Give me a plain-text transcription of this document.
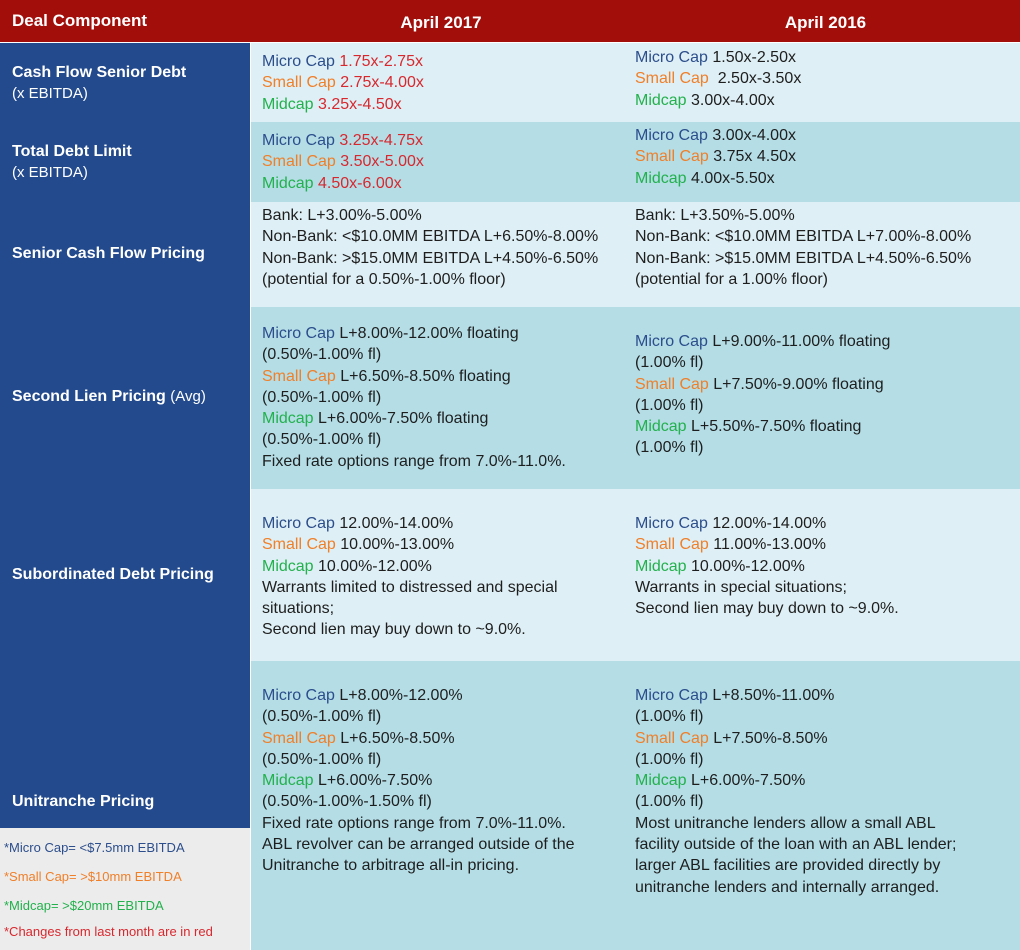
Deal Component	April 2017	April 2016
Cash Flow Senior Debt
(x EBITDA)
Total Debt Limit
(x EBITDA)
Senior Cash Flow Pricing
Second Lien Pricing (Avg)
Subordinated Debt Pricing
Unitranche Pricing
*Micro Cap= <$7.5mm EBITDA
*Small Cap= >$10mm EBITDA
*Midcap= >$20mm EBITDA
*Changes from last month are in red
Micro Cap 1.75x-2.75x
Small Cap 2.75x-4.00x
Midcap 3.25x-4.50x
Micro Cap 1.50x-2.50x
Small Cap 2.50x-3.50x
Midcap 3.00x-4.00x
Micro Cap 3.25x-4.75x
Small Cap 3.50x-5.00x
Midcap 4.50x-6.00x
Micro Cap 3.00x-4.00x
Small Cap 3.75x 4.50x
Midcap 4.00x-5.50x
Bank: L+3.00%-5.00%
Non-Bank: <$10.0MM EBITDA L+6.50%-8.00%
Non-Bank: >$15.0MM EBITDA L+4.50%-6.50%
(potential for a 0.50%-1.00% floor)
Bank: L+3.50%-5.00%
Non-Bank: <$10.0MM EBITDA L+7.00%-8.00%
Non-Bank: >$15.0MM EBITDA L+4.50%-6.50%
(potential for a 1.00% floor)
Micro Cap L+8.00%-12.00% floating
(0.50%-1.00% fl)
Small Cap L+6.50%-8.50% floating
(0.50%-1.00% fl)
Midcap L+6.00%-7.50% floating
(0.50%-1.00% fl)
Fixed rate options range from 7.0%-11.0%.
Micro Cap L+9.00%-11.00% floating
(1.00% fl)
Small Cap L+7.50%-9.00% floating
(1.00% fl)
Midcap L+5.50%-7.50% floating
(1.00% fl)
Micro Cap 12.00%-14.00%
Small Cap 10.00%-13.00%
Midcap 10.00%-12.00%
Warrants limited to distressed and special
situations;
Second lien may buy down to ~9.0%.
Micro Cap 12.00%-14.00%
Small Cap 11.00%-13.00%
Midcap 10.00%-12.00%
Warrants in special situations;
Second lien may buy down to ~9.0%.
Micro Cap L+8.00%-12.00%
(0.50%-1.00% fl)
Small Cap L+6.50%-8.50%
(0.50%-1.00% fl)
Midcap L+6.00%-7.50%
(0.50%-1.00%-1.50% fl)
Fixed rate options range from 7.0%-11.0%.
ABL revolver can be arranged outside of the
Unitranche to arbitrage all-in pricing.
Micro Cap L+8.50%-11.00%
(1.00% fl)
Small Cap L+7.50%-8.50%
(1.00% fl)
Midcap L+6.00%-7.50%
(1.00% fl)
Most unitranche lenders allow a small ABL
facility outside of the loan with an ABL lender;
larger ABL facilities are provided directly by
unitranche lenders and internally arranged.
